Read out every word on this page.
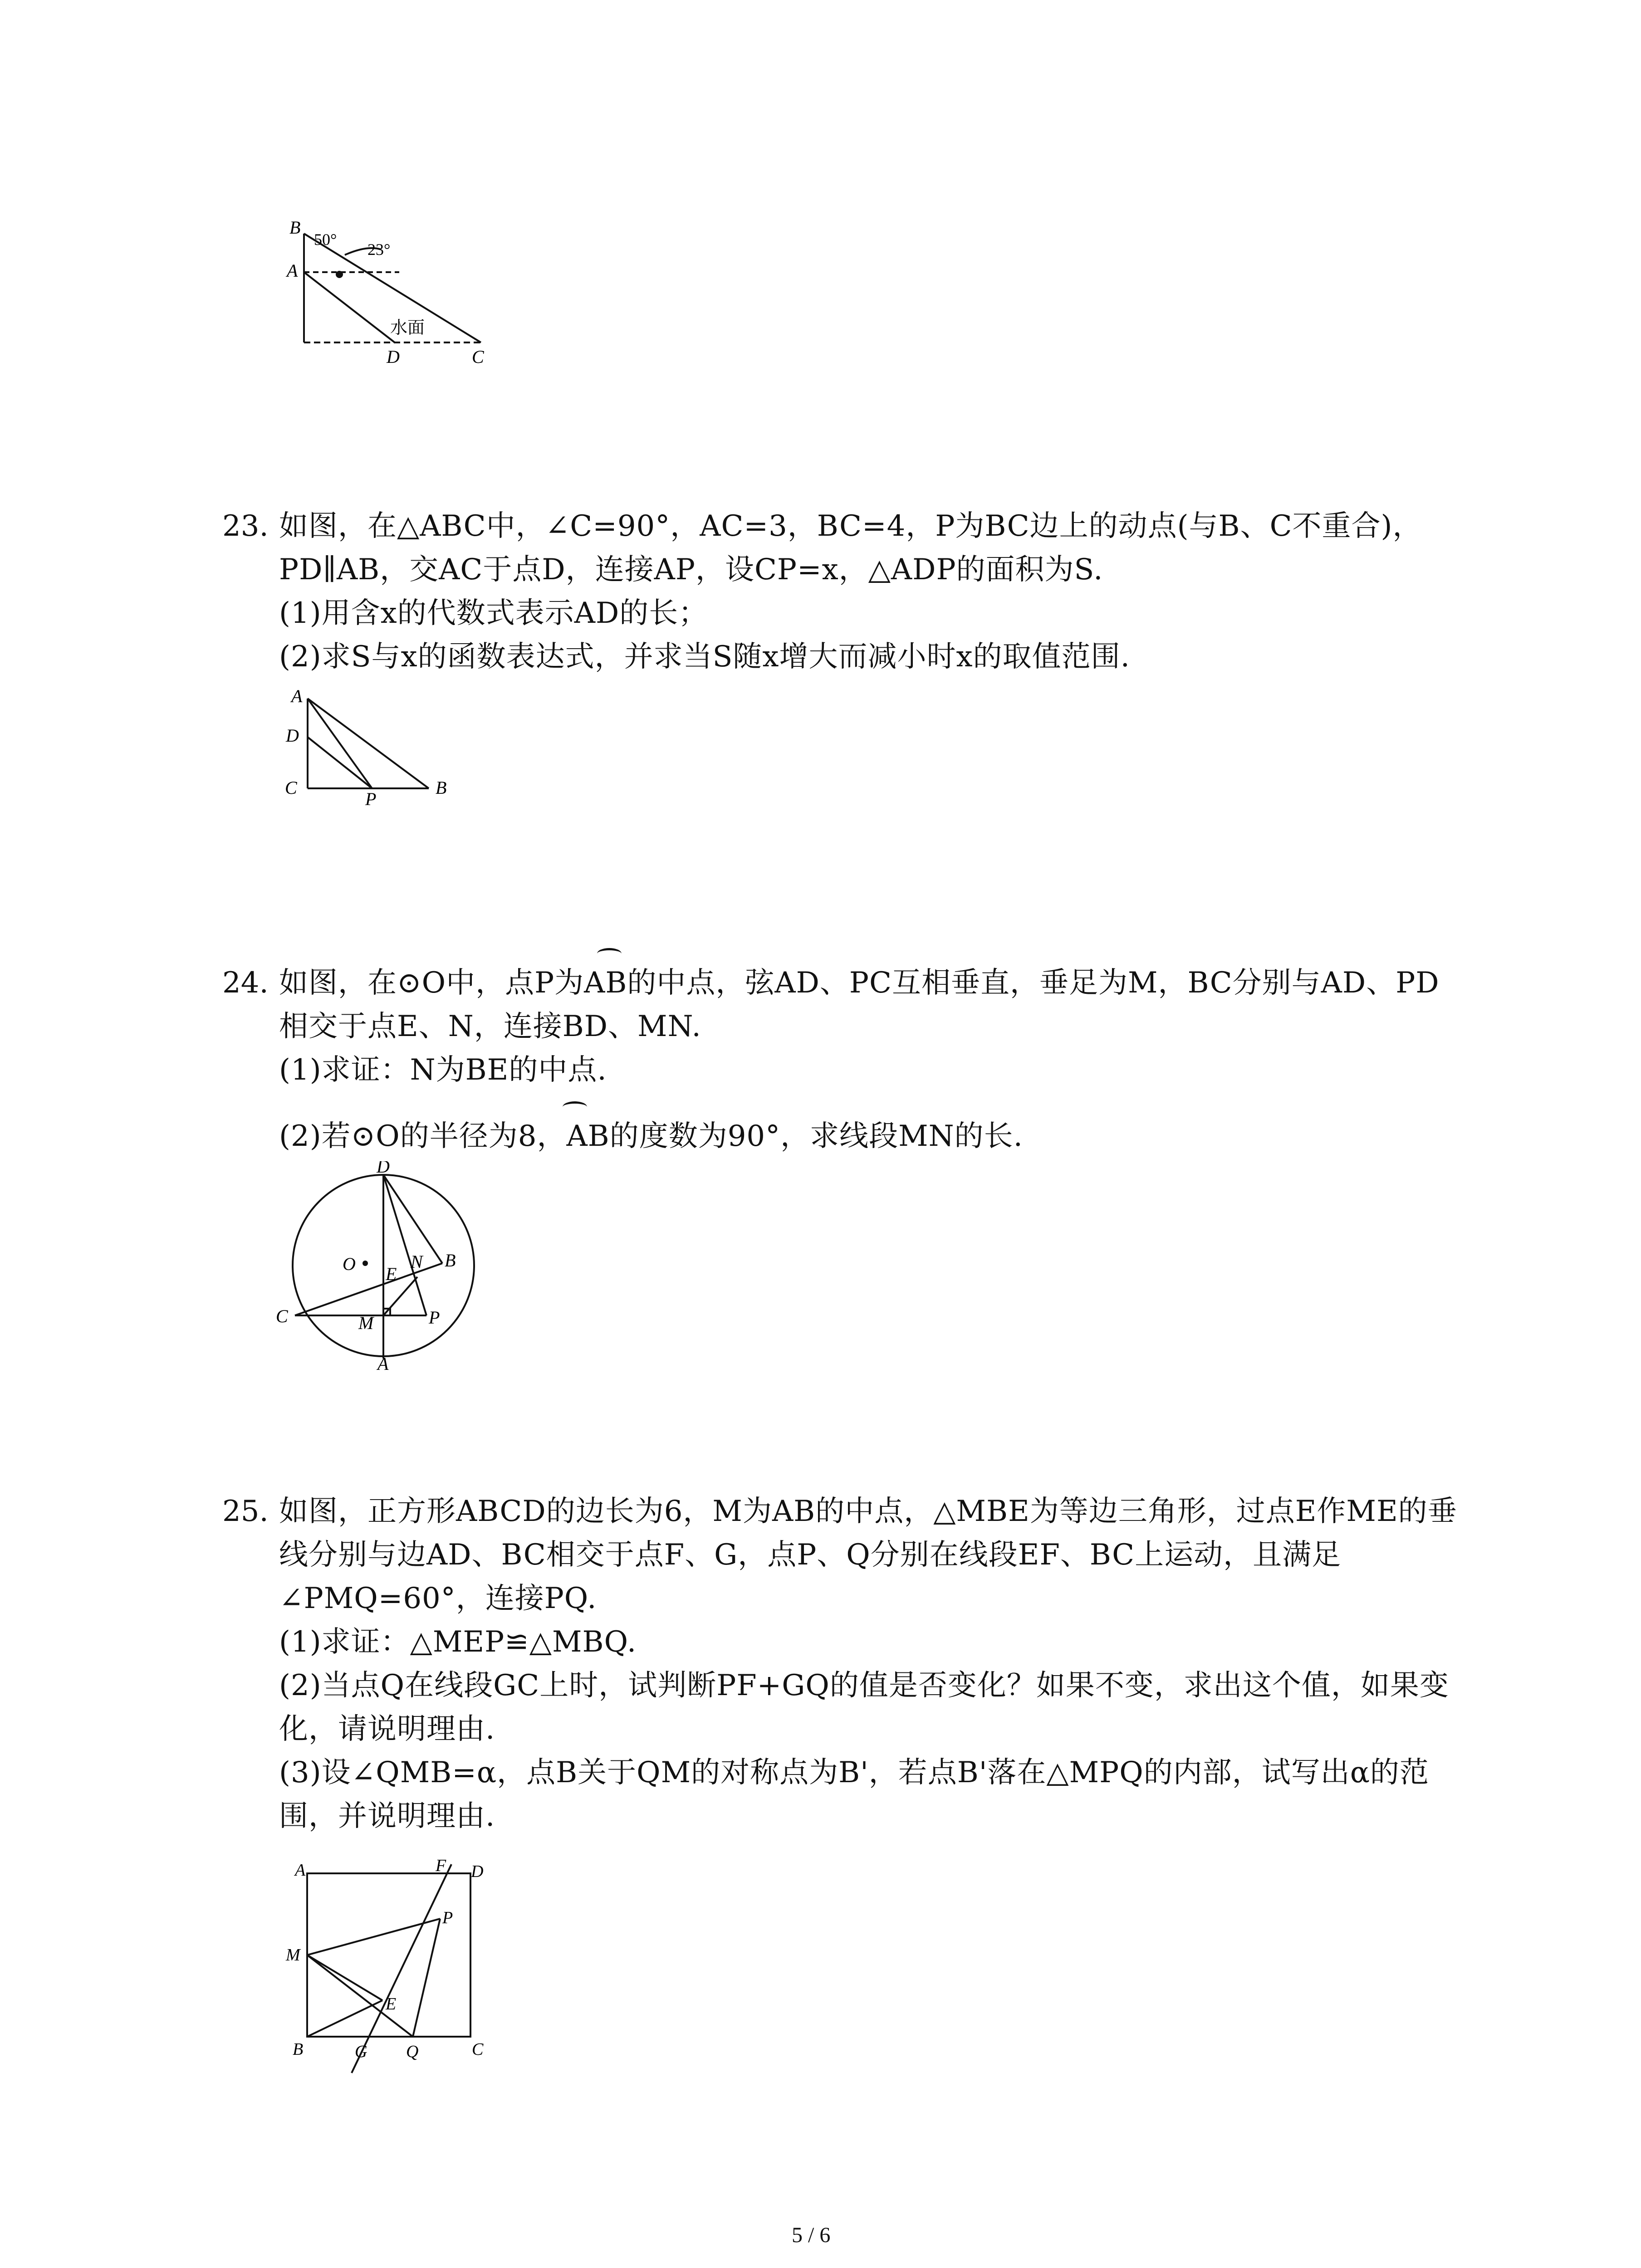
B
A
D	C
50°
23°
水面
23. 如图，在△ABC中，∠C=90°，AC=3，BC=4，P为BC边上的动点(与B、C不重合)，
PD∥AB，交AC于点D，连接AP，设CP=x，△ADP的面积为S.
(1)用含x的代数式表示AD的长；
(2)求S与x的函数表达式，并求当S随x增大而减小时x的取值范围.
A
D
C
P
B
24. 如图，在⊙O中，点P为AB的中点，弦AD、PC互相垂直，垂足为M，BC分别与AD、PD
相交于点E、N，连接BD、MN.
(1)求证：N为BE的中点.
(2)若⊙O的半径为8，AB的度数为90°，求线段MN的长.
D
O E
N B
C	M	P
A
25. 如图，正方形ABCD的边长为6，M为AB的中点，△MBE为等边三角形，过点E作ME的垂
线分别与边AD、BC相交于点F、G，点P、Q分别在线段EF、BC上运动，且满足
∠PMQ=60°，连接PQ.
(1)求证：△MEP≌△MBQ.
(2)当点Q在线段GC上时，试判断PF+GQ的值是否变化？如果不变，求出这个值，如果变
化，请说明理由.
(3)设∠QMB=α，点B关于QM的对称点为B'，若点B'落在△MPQ的内部，试写出α的范
围，并说明理由.
A	F D
P
M
E
B	G Q	C
5 / 6
